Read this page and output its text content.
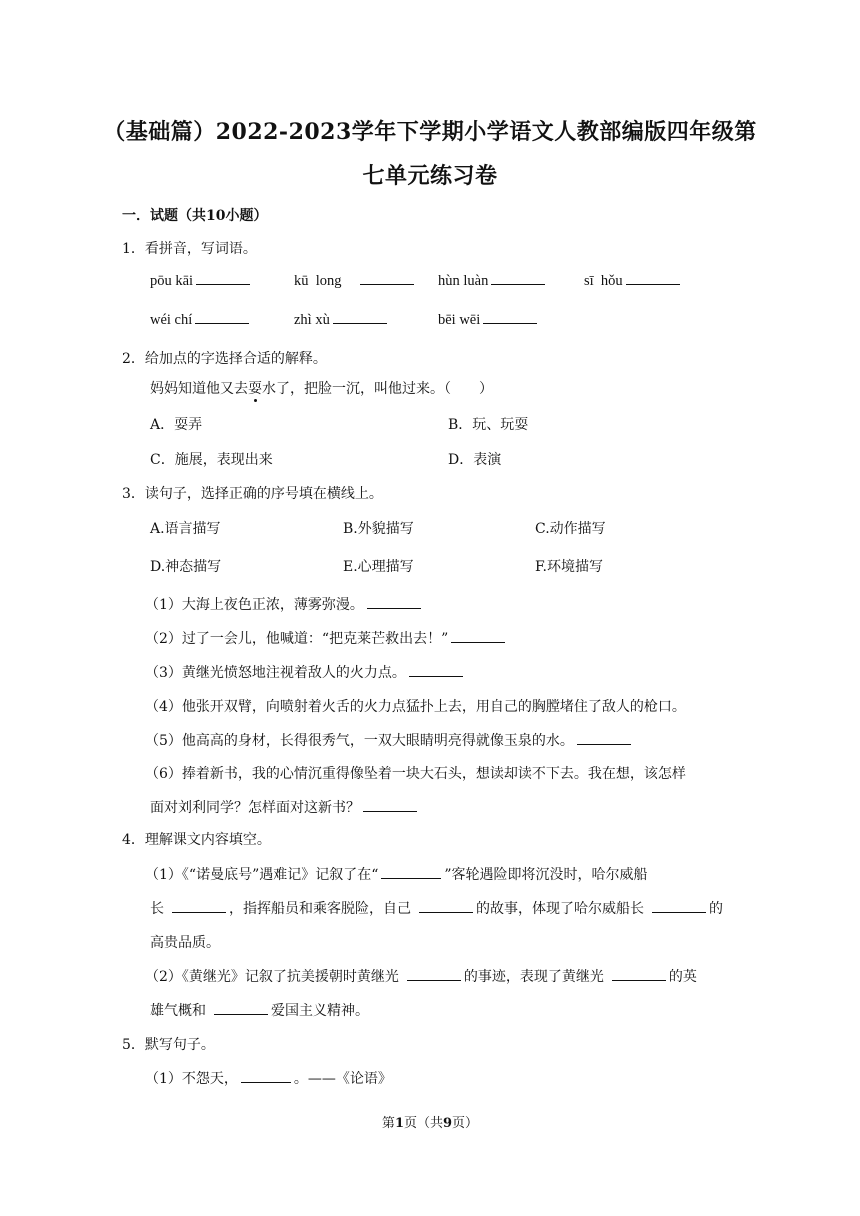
（基础篇）2022-2023学年下学期小学语文人教部编版四年级第
七单元练习卷
一．试题（共10小题）
1．看拼音，写词语。
pōu kāi	kū  long	hùn luàn	sī  hǒu
wéi chí	zhì xù	bēi wēi
2．给加点的字选择合适的解释。
妈妈知道他又去耍水了，把脸一沉，叫他过来。（　　）
A．耍弄	B．玩、玩耍
C．施展，表现出来	D．表演
3．读句子，选择正确的序号填在横线上。
A.语言描写	B.外貌描写	C.动作描写
D.神态描写	E.心理描写	F.环境描写
（1）大海上夜色正浓，薄雾弥漫。
（2）过了一会儿，他喊道：“把克莱芒救出去！”
（3）黄继光愤怒地注视着敌人的火力点。
（4）他张开双臂，向喷射着火舌的火力点猛扑上去，用自己的胸膛堵住了敌人的枪口。
（5）他高高的身材，长得很秀气，一双大眼睛明亮得就像玉泉的水。
（6）捧着新书，我的心情沉重得像坠着一块大石头，想读却读不下去。我在想，该怎样
面对刘利同学？怎样面对这新书？
4．理解课文内容填空。
（1）《“诺曼底号”遇难记》记叙了在“	”客轮遇险即将沉没时，哈尔威船
长	，指挥船员和乘客脱险，自己	的故事，体现了哈尔威船长	的
高贵品质。
（2）《黄继光》记叙了抗美援朝时黄继光	的事迹，表现了黄继光	的英
雄气概和	爱国主义精神。
5．默写句子。
（1）不怨天，	。——《论语》
第1页（共9页）
